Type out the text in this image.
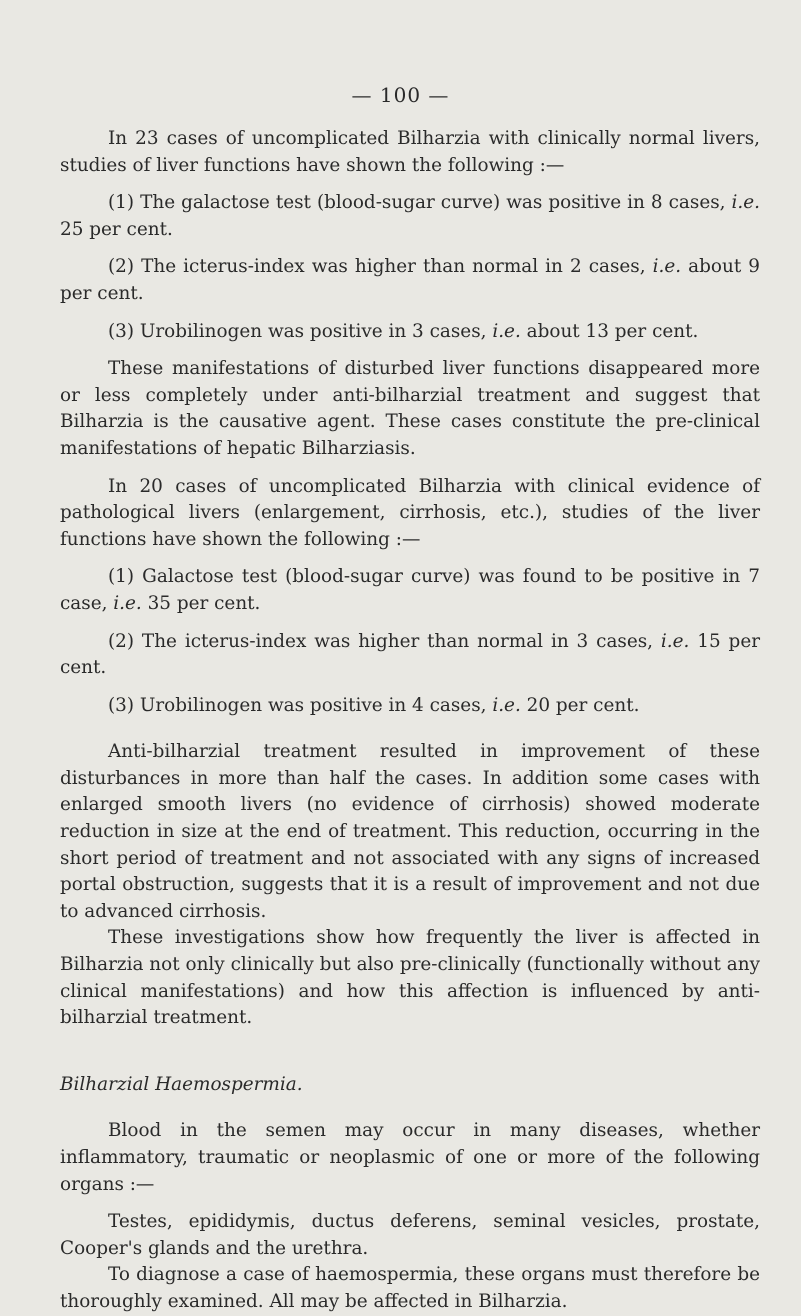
— 100 —

In 23 cases of uncomplicated Bilharzia with clinically normal livers, studies of liver functions have shown the following :—

(1) The galactose test (blood-sugar curve) was positive in 8 cases, i.e. 25 per cent.

(2) The icterus-index was higher than normal in 2 cases, i.e. about 9 per cent.

(3) Urobilinogen was positive in 3 cases, i.e. about 13 per cent.

These manifestations of disturbed liver functions disappeared more or less completely under anti-bilharzial treatment and suggest that Bilharzia is the causative agent. These cases constitute the pre-clinical manifestations of hepatic Bilharziasis.

In 20 cases of uncomplicated Bilharzia with clinical evidence of pathological livers (enlargement, cirrhosis, etc.), studies of the liver functions have shown the following :—

(1) Galactose test (blood-sugar curve) was found to be positive in 7 case, i.e. 35 per cent.

(2) The icterus-index was higher than normal in 3 cases, i.e. 15 per cent.

(3) Urobilinogen was positive in 4 cases, i.e. 20 per cent.

Anti-bilharzial treatment resulted in improvement of these disturbances in more than half the cases. In addition some cases with enlarged smooth livers (no evidence of cirrhosis) showed moderate reduction in size at the end of treatment. This reduction, occurring in the short period of treatment and not associated with any signs of increased portal obstruction, suggests that it is a result of improvement and not due to advanced cirrhosis.

These investigations show how frequently the liver is affected in Bilharzia not only clinically but also pre-clinically (functionally without any clinical manifestations) and how this affection is influenced by anti-bilharzial treatment.

Bilharzial Haemospermia.

Blood in the semen may occur in many diseases, whether inflammatory, traumatic or neoplasmic of one or more of the following organs :—

Testes, epididymis, ductus deferens, seminal vesicles, prostate, Cooper's glands and the urethra.

To diagnose a case of haemospermia, these organs must therefore be thoroughly examined. All may be affected in Bilharzia.
